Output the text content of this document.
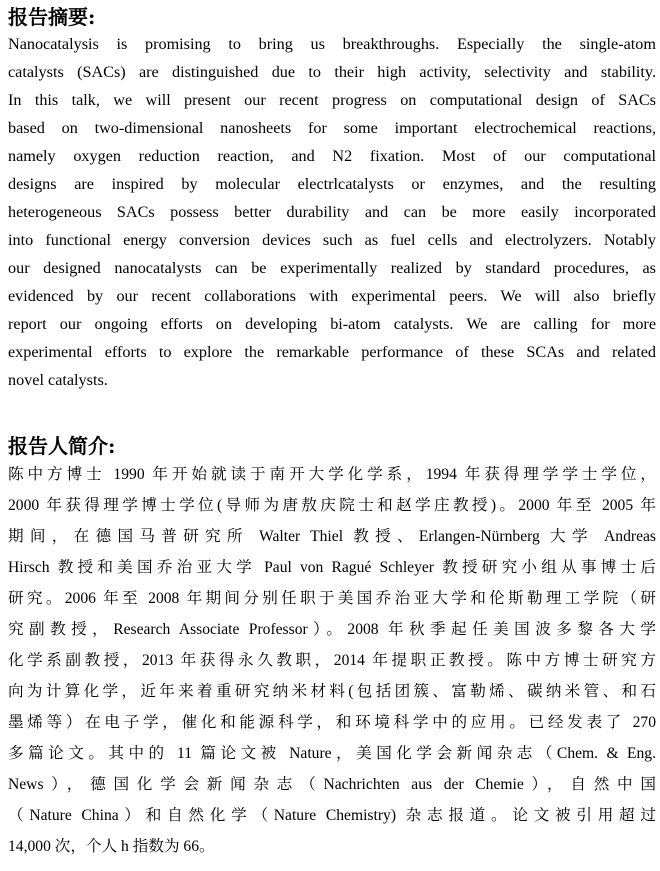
报告摘要:
Nanocatalysis is promising to bring us breakthroughs. Especially the single-atom
catalysts (SACs) are distinguished due to their high activity, selectivity and stability.
In this talk, we will present our recent progress on computational design of SACs
based on two-dimensional nanosheets for some important electrochemical reactions,
namely oxygen reduction reaction, and N2 fixation. Most of our computational
designs are inspired by molecular electrlcatalysts or enzymes, and the resulting
heterogeneous SACs possess better durability and can be more easily incorporated
into functional energy conversion devices such as fuel cells and electrolyzers. Notably
our designed nanocatalysts can be experimentally realized by standard procedures, as
evidenced by our recent collaborations with experimental peers. We will also briefly
report our ongoing efforts on developing bi-atom catalysts. We are calling for more
experimental efforts to explore the remarkable performance of these SCAs and related
novel catalysts.
报告人简介:
陈中方博士 1990 年开始就读于南开大学化学系，1994 年获得理学学士学位，
2000 年获得理学博士学位(导师为唐敖庆院士和赵学庄教授)。2000 年至 2005 年
期间，在德国马普研究所 Walter Thiel 教授、Erlangen-Nürnberg 大学 Andreas
Hirsch 教授和美国乔治亚大学 Paul von Ragué Schleyer 教授研究小组从事博士后
研究。2006 年至 2008 年期间分别任职于美国乔治亚大学和伦斯勒理工学院（研
究副教授，Research Associate Professor）。2008 年秋季起任美国波多黎各大学
化学系副教授，2013 年获得永久教职，2014 年提职正教授。陈中方博士研究方
向为计算化学，近年来着重研究纳米材料(包括团簇、富勒烯、碳纳米管、和石
墨烯等）在电子学，催化和能源科学，和环境科学中的应用。已经发表了 270
多篇论文。其中的 11 篇论文被 Nature，美国化学会新闻杂志（Chem. & Eng.
News），德国化学会新闻杂志（Nachrichten aus der Chemie），自然中国
（Nature China）和自然化学（Nature Chemistry) 杂志报道。论文被引用超过
14,000 次，个人 h 指数为 66。
